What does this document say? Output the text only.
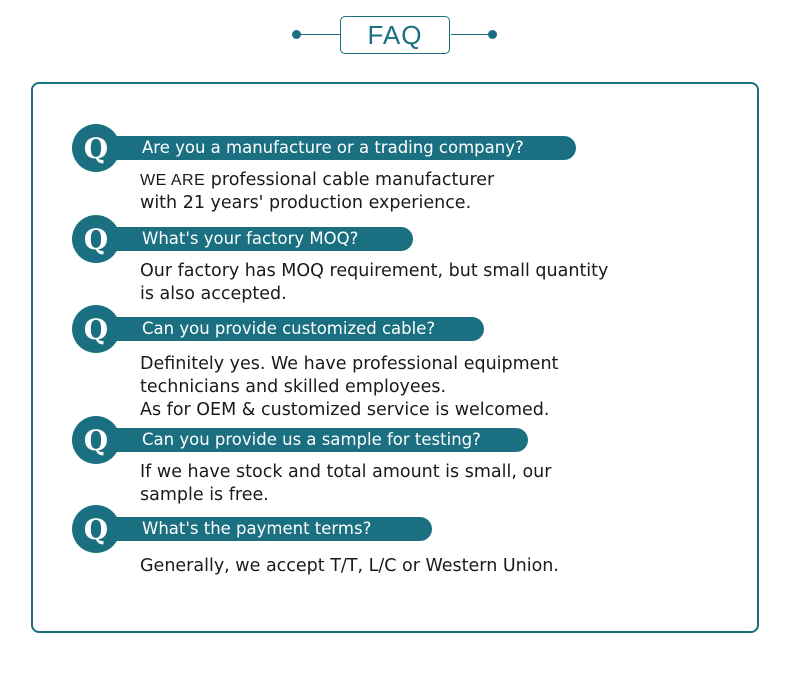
FAQ
Q	Are you a manufacture or a trading company?
WE ARE professional cable manufacturer
with 21 years' production experience.
Q	What's your factory MOQ?
Our factory has MOQ requirement, but small quantity
is also accepted.
Q	Can you provide customized cable?
Definitely yes. We have professional equipment
technicians and skilled employees.
As for OEM & customized service is welcomed.
Q	Can you provide us a sample for testing?
If we have stock and total amount is small, our
sample is free.
Q	What's the payment terms?
Generally, we accept T/T, L/C or Western Union.
